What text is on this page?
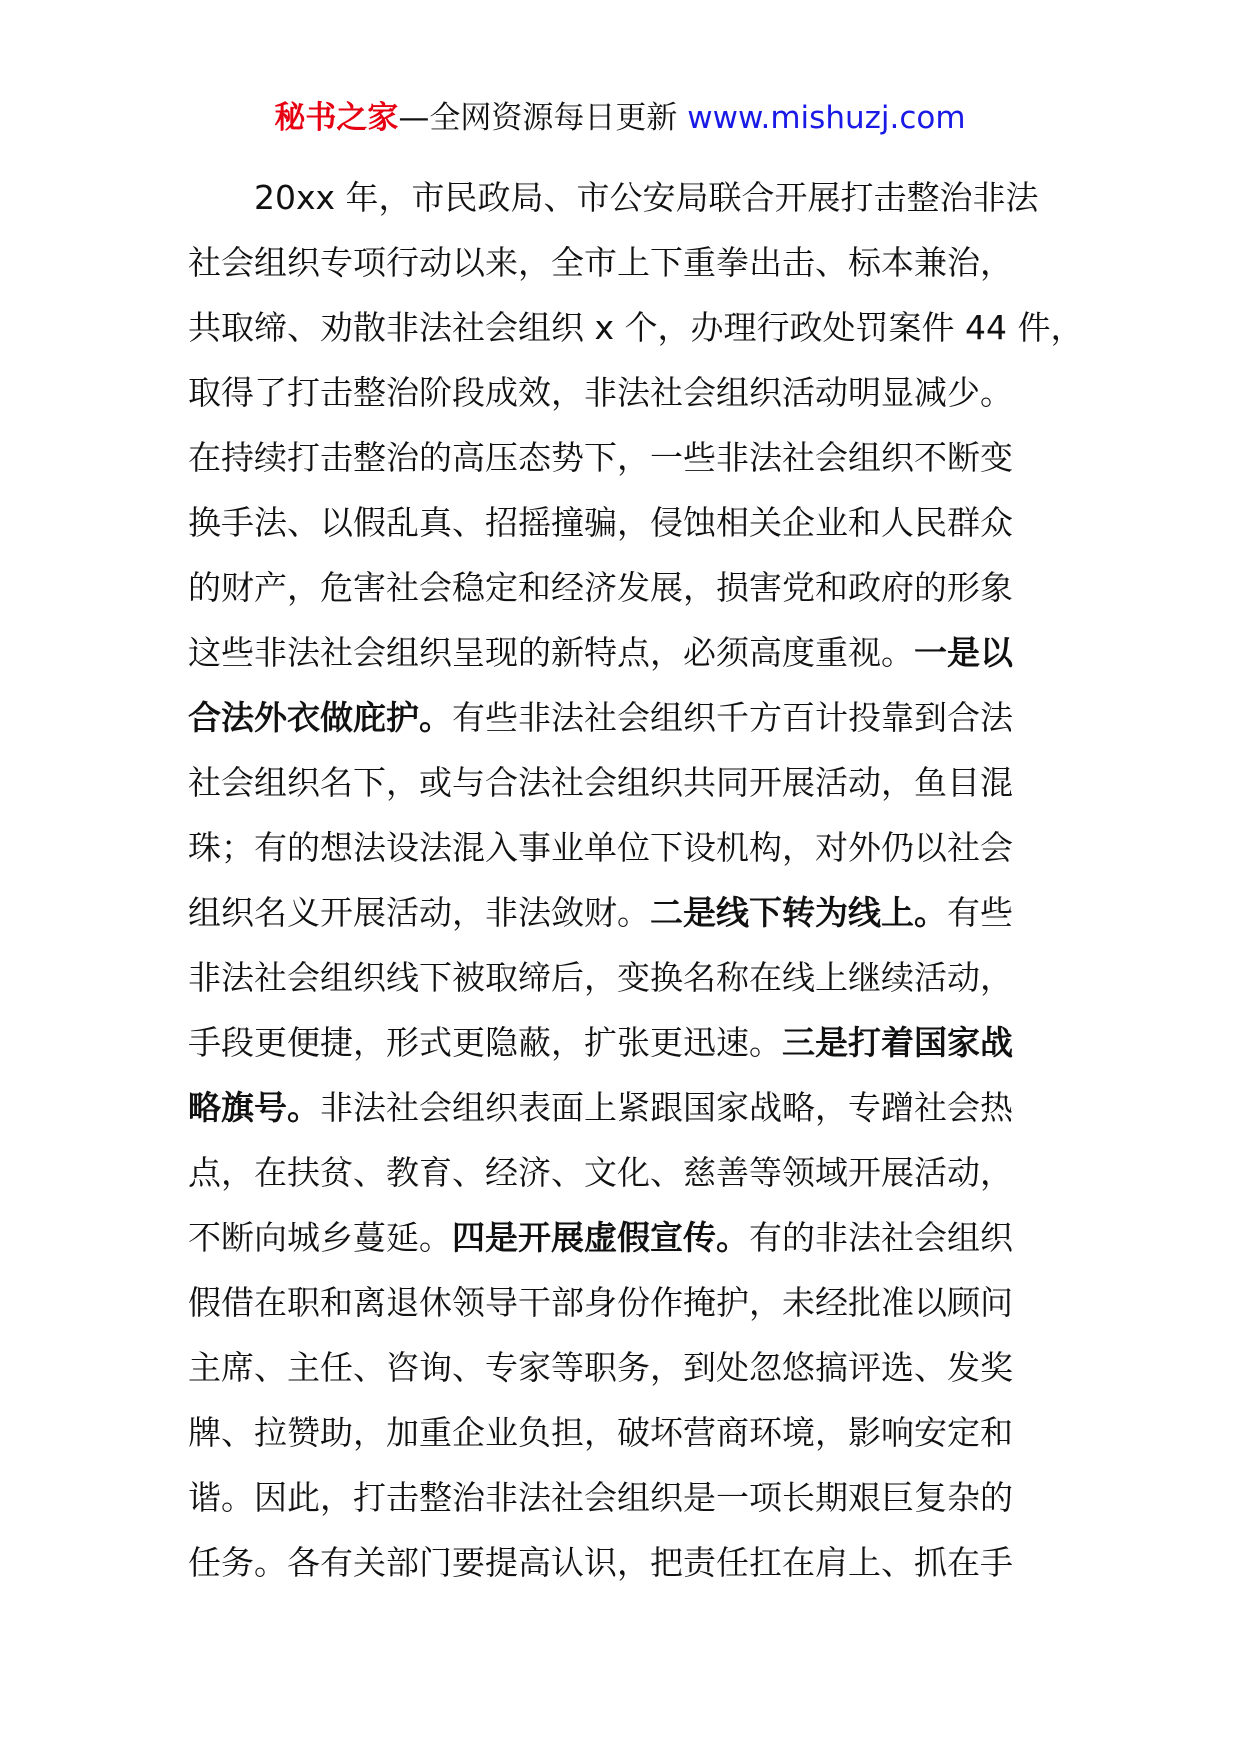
秘书之家—全网资源每日更新 www.mishuzj.com
20xx 年，市民政局、市公安局联合开展打击整治非法
社会组织专项行动以来，全市上下重拳出击、标本兼治，
共取缔、劝散非法社会组织 x 个，办理行政处罚案件 44 件，
取得了打击整治阶段成效，非法社会组织活动明显减少。
在持续打击整治的高压态势下，一些非法社会组织不断变
换手法、以假乱真、招摇撞骗，侵蚀相关企业和人民群众
的财产，危害社会稳定和经济发展，损害党和政府的形象
这些非法社会组织呈现的新特点，必须高度重视。一是以
合法外衣做庇护。有些非法社会组织千方百计投靠到合法
社会组织名下，或与合法社会组织共同开展活动，鱼目混
珠；有的想法设法混入事业单位下设机构，对外仍以社会
组织名义开展活动，非法敛财。二是线下转为线上。有些
非法社会组织线下被取缔后，变换名称在线上继续活动，
手段更便捷，形式更隐蔽，扩张更迅速。三是打着国家战
略旗号。非法社会组织表面上紧跟国家战略，专蹭社会热
点，在扶贫、教育、经济、文化、慈善等领域开展活动，
不断向城乡蔓延。四是开展虚假宣传。有的非法社会组织
假借在职和离退休领导干部身份作掩护，未经批准以顾问
主席、主任、咨询、专家等职务，到处忽悠搞评选、发奖
牌、拉赞助，加重企业负担，破坏营商环境，影响安定和
谐。因此，打击整治非法社会组织是一项长期艰巨复杂的
任务。各有关部门要提高认识，把责任扛在肩上、抓在手
